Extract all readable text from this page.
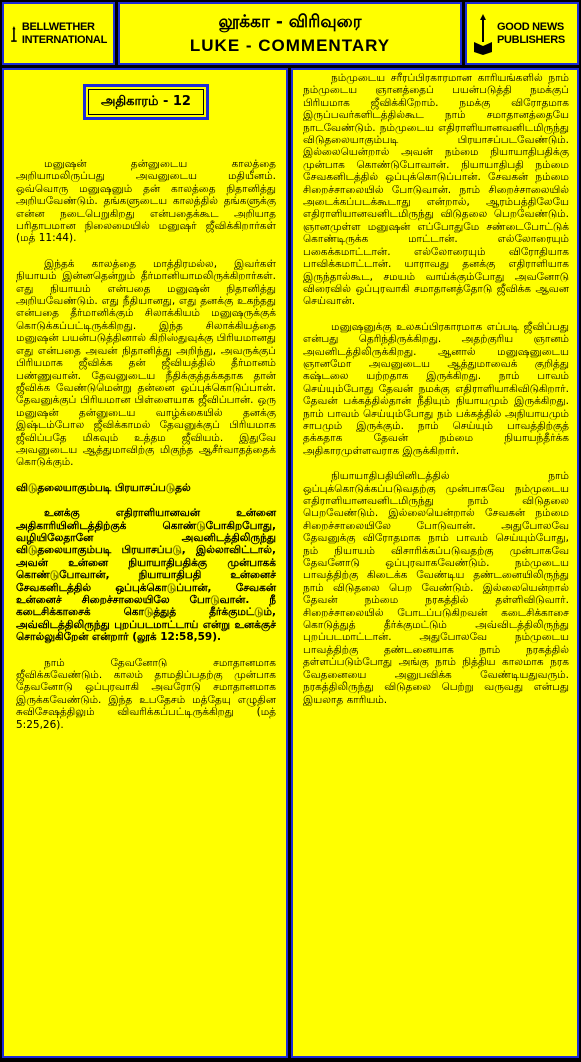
BELLWETHER
INTERNATIONAL
லூக்கா - விரிவுரை
LUKE - COMMENTARY
GOOD NEWS
PUBLISHERS
அதிகாரம் - 12

மனுஷன் தன்னுடைய காலத்தை அறியாமலிருப்பது அவனுடைய மதியீனம். ஒவ்வொரு மனுஷனும் தன் காலத்தை நிதானித்து அறியவேண்டும். தங்களுடைய காலத்தில் தங்களுக்கு என்ன நடைபெறுகிறது என்பதைக்கூட அறியாத பரிதாபமான நிலைமையில் மனுஷர் ஜீவிக்கிறார்கள் (மத் 11:44).

இந்தக் காலத்தை மாத்திரமல்ல, இவர்கள் நியாயம் இன்னதென்றும் தீர்மானியாமலிருக்கிறார்கள். எது நியாயம் என்பதை மனுஷன் நிதானித்து அறியவேண்டும். எது நீதியானது, எது தனக்கு உகந்தது என்பதை தீர்மானிக்கும் சிலாக்கியம் மனுஷருக்குக் கொடுக்கப்பட்டிருக்கிறது. இந்த சிலாக்கியத்தை மனுஷன் பயன்படுத்தினால் கிறிஸ்துவுக்கு பிரியமானது எது என்பதை அவன் நிதானித்து அறிந்து, அவருக்குப் பிரியமாக ஜீவிக்க தன் ஜீவியத்தில் தீர்மானம் பண்ணுவான். தேவனுடைய நீதிக்குத்தக்கதாக தான் ஜீவிக்க வேண்டுமென்று தன்னை ஒப்புக்கொடுப்பான். தேவனுக்குப் பிரியமான பிள்ளையாக ஜீவிப்பான். ஒரு மனுஷன் தன்னுடைய வாழ்க்கையில் தனக்கு இஷ்டம்போல ஜீவிக்காமல் தேவனுக்குப் பிரியமாக ஜீவிப்பதே மிகவும் உத்தம ஜீவியம். இதுவே அவனுடைய ஆத்துமாவிற்கு மிகுந்த ஆசீர்வாதத்தைக் கொடுக்கும்.

விடுதலையாகும்படி பிரயாசப்படுதல்

உனக்கு எதிராளியானவன் உன்னை அதிகாரியினிடத்திற்குக் கொண்டுபோகிறபோது, வழியிலேதானே அவனிடத்திலிருந்து விடுதலையாகும்படி பிரயாசப்படு, இல்லாவிட்டால், அவன் உன்னை நியாயாதிபதிக்கு முன்பாகக் கொண்டுபோவான், நியாயாதிபதி உன்னைச் சேவகனிடத்தில் ஒப்புக்கொடுப்பான், சேவகன் உன்னைச் சிறைச்சாலையிலே போடுவான். நீ கடைசிக்காசைக் கொடுத்துத் தீர்க்குமட்டும், அவ்விடத்திலிருந்து புறப்படமாட்டாய் என்று உனக்குச் சொல்லுகிறேன் என்றார் (லூக் 12:58,59).

நாம் தேவனோடு சமாதானமாக ஜீவிக்கவேண்டும். காலம் தாமதிப்பதற்கு முன்பாக தேவனோடு ஒப்புரவாகி அவரோடு சமாதானமாக இருக்கவேண்டும். இந்த உபதேசம் மத்தேயு எழுதின சுவிசேஷத்திலும் விவரிக்கப்பட்டிருக்கிறது (மத் 5:25,26).

நம்முடைய சரீரப்பிரகாரமான காரியங்களில் நாம் நம்முடைய ஞானத்தைப் பயன்படுத்தி நமக்குப் பிரியமாக ஜீவிக்கிறோம். நமக்கு விரோதமாக இருப்பவர்களிடத்தில்கூட நாம் சமாதானத்தையே நாடவேண்டும். நம்முடைய எதிராளியானவனிடமிருந்து விடுதலையாகும்படி பிரயாசப்படவேண்டும். இல்லையென்றால் அவன் நம்மை நியாயாதிபதிக்கு முன்பாக கொண்டுபோவான். நியாயாதிபதி நம்மை சேவகனிடத்தில் ஒப்புக்கொடுப்பான். சேவகன் நம்மை சிறைச்சாலையில் போடுவான். நாம் சிறைச்சாலையில் அடைக்கப்படக்கூடாது என்றால், ஆரம்பத்திலேயே எதிராளியானவனிடமிருந்து விடுதலை பெறவேண்டும். ஞானமுள்ள மனுஷன் எப்போதுமே சண்டைபோட்டுக் கொண்டிருக்க மாட்டான். எல்லோரையும் பகைக்கமாட்டான். எல்லோரையும் விரோதியாக பாவிக்கமாட்டான். யாராவது தனக்கு எதிராளியாக இருந்தால்கூட, சமயம் வாய்க்கும்போது அவனோடு விரைவில் ஒப்புரவாகி சமாதானத்தோடு ஜீவிக்க ஆவன செய்வான்.

மனுஷனுக்கு உலகப்பிரகாரமாக எப்படி ஜீவிப்பது என்பது தெரிந்திருக்கிறது. அதற்குரிய ஞானம் அவனிடத்திலிருக்கிறது. ஆனால் மனுஷனுடைய ஞானமோ அவனுடைய ஆத்துமாவைக் குறித்து கஷ்டலை யற்றதாக இருக்கிறது. நாம் பாவம் செய்யும்போது தேவன் நமக்கு எதிராளியாகிவிடுகிறார். தேவன் பக்கத்தில்தான் நீதியும் நியாயமும் இருக்கிறது. நாம் பாவம் செய்யும்போது நம் பக்கத்தில் அநியாயமும் சாபமும் இருக்கும். நாம் செய்யும் பாவத்திற்குத் தக்கதாக தேவன் நம்மை நியாயந்தீர்க்க அதிகாரமுள்ளவராக இருக்கிறார்.

நியாயாதிபதியினிடத்தில் நாம் ஒப்புக்கொடுக்கப்படுவதற்கு முன்பாகவே நம்முடைய எதிராளியானவனிடமிருந்து நாம் விடுதலை பெறவேண்டும். இல்லையென்றால் சேவகன் நம்மை சிறைச்சாலையிலே போடுவான். அதுபோலவே தேவனுக்கு விரோதமாக நாம் பாவம் செய்யும்போது, நம் நியாயம் விசாரிக்கப்படுவதற்கு முன்பாகவே தேவனோடு ஒப்புரவாகவேண்டும். நம்முடைய பாவத்திற்கு கிடைக்க வேண்டிய தண்டனையிலிருந்து நாம் விடுதலை பெற வேண்டும். இல்லையென்றால் தேவன் நம்மை நரகத்தில் தள்ளிவிடுவார். சிறைச்சாலையில் போடப்படுகிறவன் கடைசிக்காசை கொடுத்துத் தீர்க்குமட்டும் அவ்விடத்திலிருந்து புறப்படமாட்டான். அதுபோலவே நம்முடைய பாவத்திற்கு தண்டனையாக நாம் நரகத்தில் தள்ளப்படும்போது அங்கு நாம் நித்திய காலமாக நரக வேதனையை அனுபவிக்க வேண்டியதுவரும். நரகத்திலிருந்து விடுதலை பெற்று வருவது என்பது இயலாத காரியம்.
